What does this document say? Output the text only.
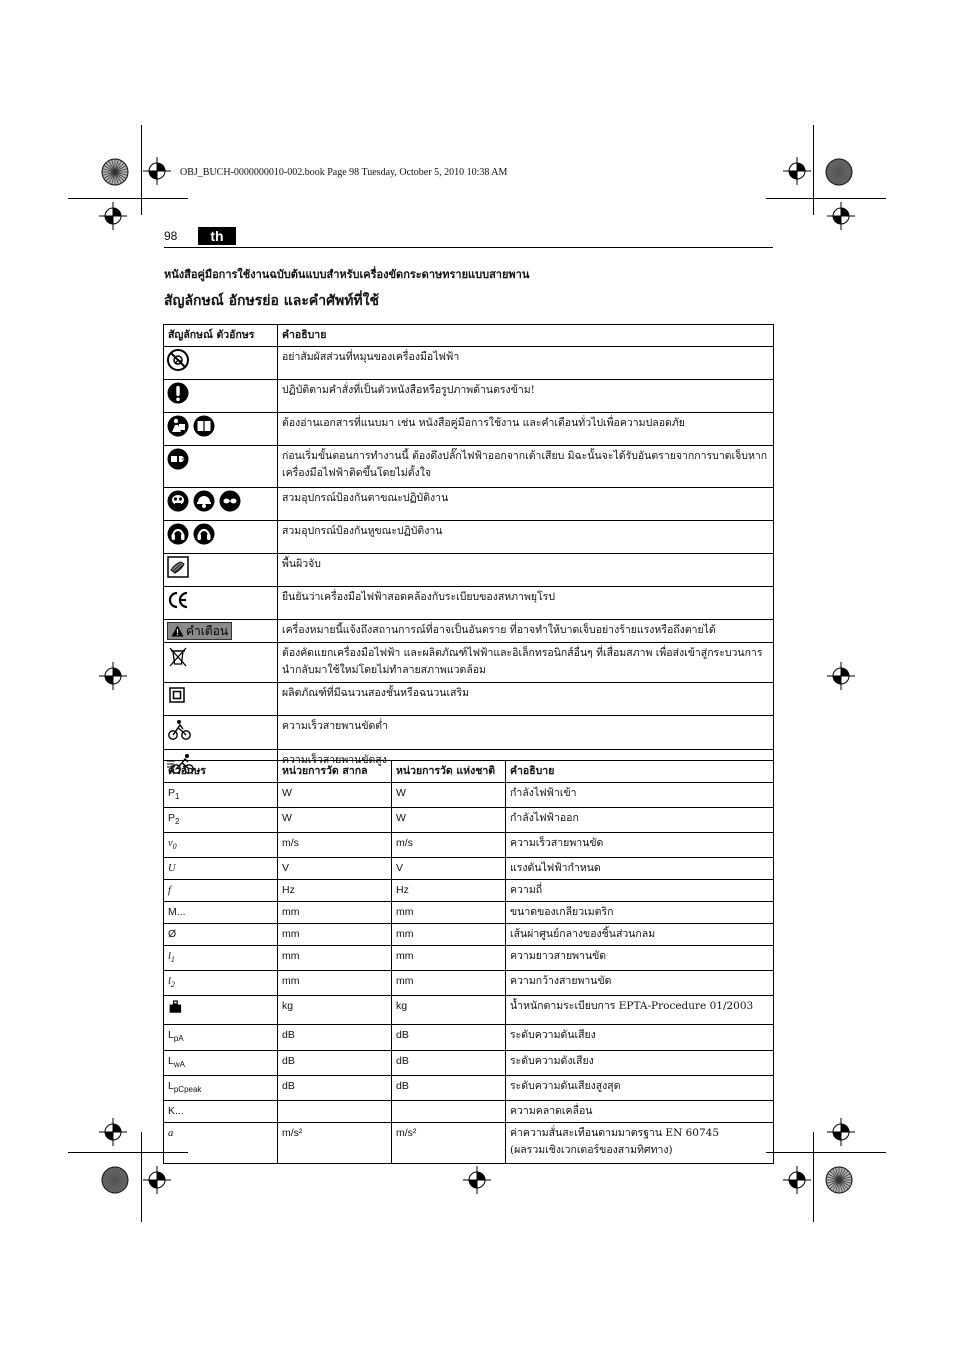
OBJ_BUCH-0000000010-002.book Page 98 Tuesday, October 5, 2010 10:38 AM
98	th
หนังสือคู่มือการใช้งานฉบับต้นแบบสำหรับเครื่องขัดกระดาษทรายแบบสายพาน
สัญลักษณ์ อักษรย่อ และคำศัพท์ที่ใช้
สัญลักษณ์ ตัวอักษร	คำอธิบาย

	อย่าสัมผัสส่วนที่หมุนของเครื่องมือไฟฟ้า

	ปฏิบัติตามคำสั่งที่เป็นตัวหนังสือหรือรูปภาพด้านตรงข้าม!

	ต้องอ่านเอกสารที่แนบมา เช่น หนังสือคู่มือการใช้งาน และคำเตือนทั่วไปเพื่อความปลอดภัย

	ก่อนเริ่มขั้นตอนการทำงานนี้ ต้องดึงปลั๊กไฟฟ้าออกจากเต้าเสียบ มิฉะนั้นจะได้รับอันตรายจากการบาดเจ็บหากเครื่องมือไฟฟ้าติดขึ้นโดยไม่ตั้งใจ

	สวมอุปกรณ์ป้องกันตาขณะปฏิบัติงาน

	สวมอุปกรณ์ป้องกันหูขณะปฏิบัติงาน

	พื้นผิวจับ

	ยืนยันว่าเครื่องมือไฟฟ้าสอดคล้องกับระเบียบของสหภาพยุโรป

คำเตือน	เครื่องหมายนี้แจ้งถึงสถานการณ์ที่อาจเป็นอันตราย ที่อาจทำให้บาดเจ็บอย่างร้ายแรงหรือถึงตายได้

	ต้องคัดแยกเครื่องมือไฟฟ้า และผลิตภัณฑ์ไฟฟ้าและอิเล็กทรอนิกส์อื่นๆ ที่เสื่อมสภาพ เพื่อส่งเข้าสู่กระบวนการนำกลับมาใช้ใหม่โดยไม่ทำลายสภาพแวดล้อม

	ผลิตภัณฑ์ที่มีฉนวนสองชั้นหรือฉนวนเสริม

	ความเร็วสายพานขัดต่ำ

	ความเร็วสายพานขัดสูง
ตัวอักษร	หน่วยการวัด สากล	หน่วยการวัด แห่งชาติ	คำอธิบาย
$P_1$	W	W	กำลังไฟฟ้าเข้า

$P_2$	W	W	กำลังไฟฟ้าออก

$v_0$	m/s	m/s	ความเร็วสายพานขัด

U	V	V	แรงดันไฟฟ้ากำหนด

f	Hz	Hz	ความถี่

M...	mm	mm	ขนาดของเกลียวเมตริก

Ø	mm	mm	เส้นผ่าศูนย์กลางของชิ้นส่วนกลม

$l_1$	mm	mm	ความยาวสายพานขัด

$l_2$	mm	mm	ความกว้างสายพานขัด

	kg	kg	น้ำหนักตามระเบียบการ EPTA-Procedure 01/2003

$L_{pA}$	dB	dB	ระดับความดันเสียง

$L_{wA}$	dB	dB	ระดับความดังเสียง

$L_{pCpeak}$	dB	dB	ระดับความดันเสียงสูงสุด

K...			ความคลาดเคลื่อน

a	m/s²	m/s²	ค่าความสั่นสะเทือนตามมาตรฐาน EN 60745
(ผลรวมเชิงเวกเตอร์ของสามทิศทาง)
